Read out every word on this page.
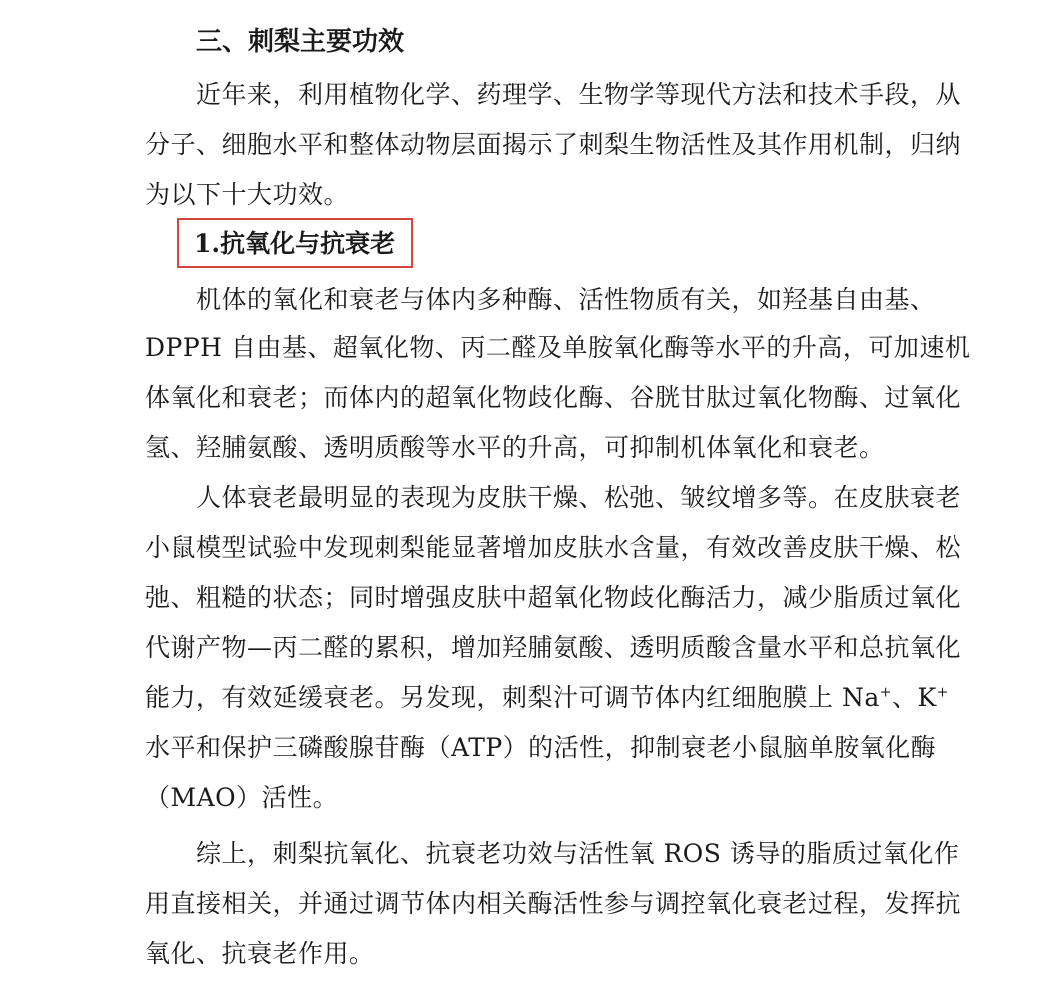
三、刺梨主要功效
近年来，利用植物化学、药理学、生物学等现代方法和技术手段，从
分子、细胞水平和整体动物层面揭示了刺梨生物活性及其作用机制，归纳
为以下十大功效。
1.抗氧化与抗衰老
机体的氧化和衰老与体内多种酶、活性物质有关，如羟基自由基、
DPPH 自由基、超氧化物、丙二醛及单胺氧化酶等水平的升高，可加速机
体氧化和衰老；而体内的超氧化物歧化酶、谷胱甘肽过氧化物酶、过氧化
氢、羟脯氨酸、透明质酸等水平的升高，可抑制机体氧化和衰老。
人体衰老最明显的表现为皮肤干燥、松弛、皱纹增多等。在皮肤衰老
小鼠模型试验中发现刺梨能显著增加皮肤水含量，有效改善皮肤干燥、松
弛、粗糙的状态；同时增强皮肤中超氧化物歧化酶活力，减少脂质过氧化
代谢产物—丙二醛的累积，增加羟脯氨酸、透明质酸含量水平和总抗氧化
能力，有效延缓衰老。另发现，刺梨汁可调节体内红细胞膜上 Na+、K+
水平和保护三磷酸腺苷酶（ATP）的活性，抑制衰老小鼠脑单胺氧化酶
（MAO）活性。
综上，刺梨抗氧化、抗衰老功效与活性氧 ROS 诱导的脂质过氧化作
用直接相关，并通过调节体内相关酶活性参与调控氧化衰老过程，发挥抗
氧化、抗衰老作用。
